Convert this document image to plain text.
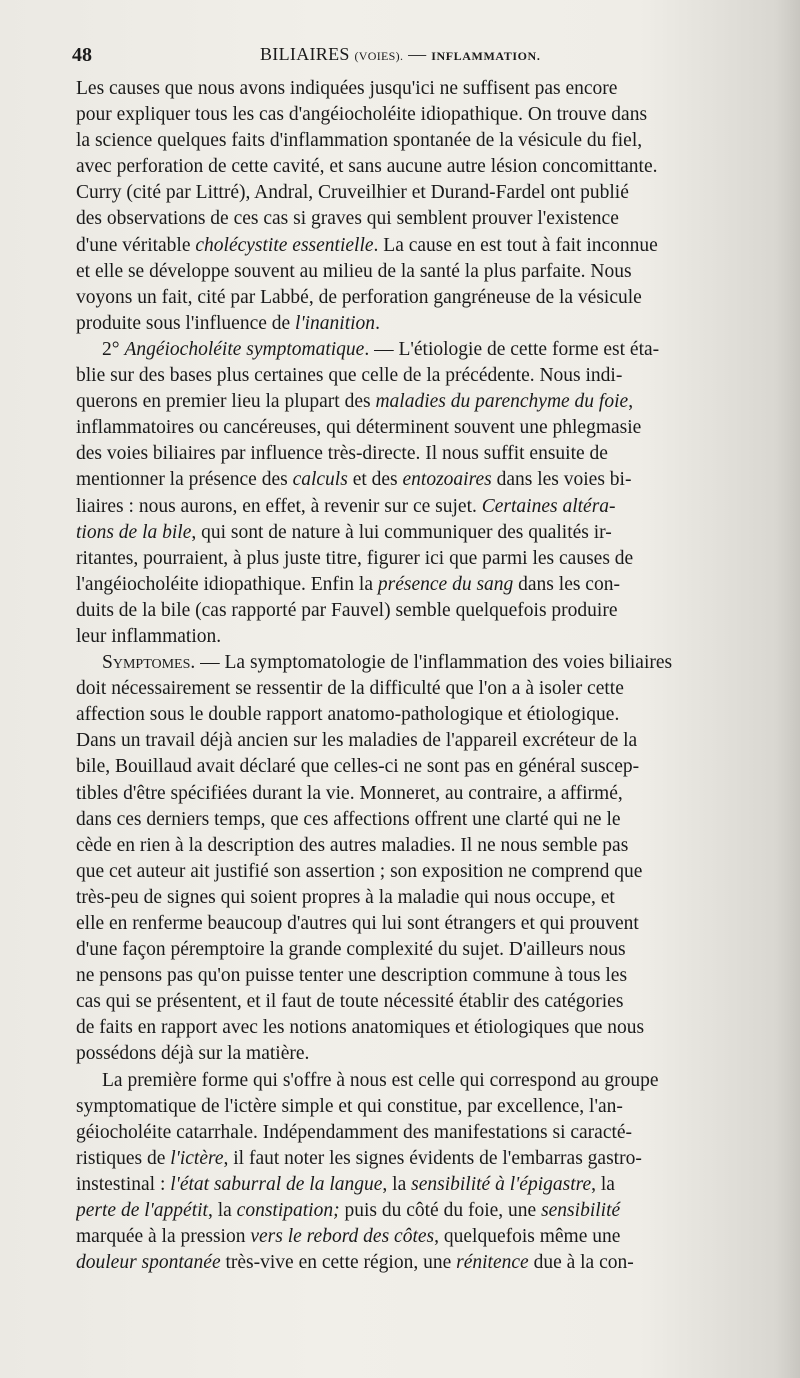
48	BILIAIRES (VOIES). — INFLAMMATION.
Les causes que nous avons indiquées jusqu'ici ne suffisent pas encore
pour expliquer tous les cas d'angéiocholéite idiopathique. On trouve dans
la science quelques faits d'inflammation spontanée de la vésicule du fiel,
avec perforation de cette cavité, et sans aucune autre lésion concomittante.
Curry (cité par Littré), Andral, Cruveilhier et Durand-Fardel ont publié
des observations de ces cas si graves qui semblent prouver l'existence
d'une véritable cholécystite essentielle. La cause en est tout à fait inconnue
et elle se développe souvent au milieu de la santé la plus parfaite. Nous
voyons un fait, cité par Labbé, de perforation gangréneuse de la vésicule
produite sous l'influence de l'inanition.
2° Angéiocholéite symptomatique. — L'étiologie de cette forme est éta-
blie sur des bases plus certaines que celle de la précédente. Nous indi-
querons en premier lieu la plupart des maladies du parenchyme du foie,
inflammatoires ou cancéreuses, qui déterminent souvent une phlegmasie
des voies biliaires par influence très-directe. Il nous suffit ensuite de
mentionner la présence des calculs et des entozoaires dans les voies bi-
liaires : nous aurons, en effet, à revenir sur ce sujet. Certaines altéra-
tions de la bile, qui sont de nature à lui communiquer des qualités ir-
ritantes, pourraient, à plus juste titre, figurer ici que parmi les causes de
l'angéiocholéite idiopathique. Enfin la présence du sang dans les con-
duits de la bile (cas rapporté par Fauvel) semble quelquefois produire
leur inflammation.
Symptomes. — La symptomatologie de l'inflammation des voies biliaires
doit nécessairement se ressentir de la difficulté que l'on a à isoler cette
affection sous le double rapport anatomo-pathologique et étiologique.
Dans un travail déjà ancien sur les maladies de l'appareil excréteur de la
bile, Bouillaud avait déclaré que celles-ci ne sont pas en général suscep-
tibles d'être spécifiées durant la vie. Monneret, au contraire, a affirmé,
dans ces derniers temps, que ces affections offrent une clarté qui ne le
cède en rien à la description des autres maladies. Il ne nous semble pas
que cet auteur ait justifié son assertion ; son exposition ne comprend que
très-peu de signes qui soient propres à la maladie qui nous occupe, et
elle en renferme beaucoup d'autres qui lui sont étrangers et qui prouvent
d'une façon péremptoire la grande complexité du sujet. D'ailleurs nous
ne pensons pas qu'on puisse tenter une description commune à tous les
cas qui se présentent, et il faut de toute nécessité établir des catégories
de faits en rapport avec les notions anatomiques et étiologiques que nous
possédons déjà sur la matière.
La première forme qui s'offre à nous est celle qui correspond au groupe
symptomatique de l'ictère simple et qui constitue, par excellence, l'an-
géiocholéite catarrhale. Indépendamment des manifestations si caracté-
ristiques de l'ictère, il faut noter les signes évidents de l'embarras gastro-
instestinal : l'état saburral de la langue, la sensibilité à l'épigastre, la
perte de l'appétit, la constipation; puis du côté du foie, une sensibilité
marquée à la pression vers le rebord des côtes, quelquefois même une
douleur spontanée très-vive en cette région, une rénitence due à la con-
